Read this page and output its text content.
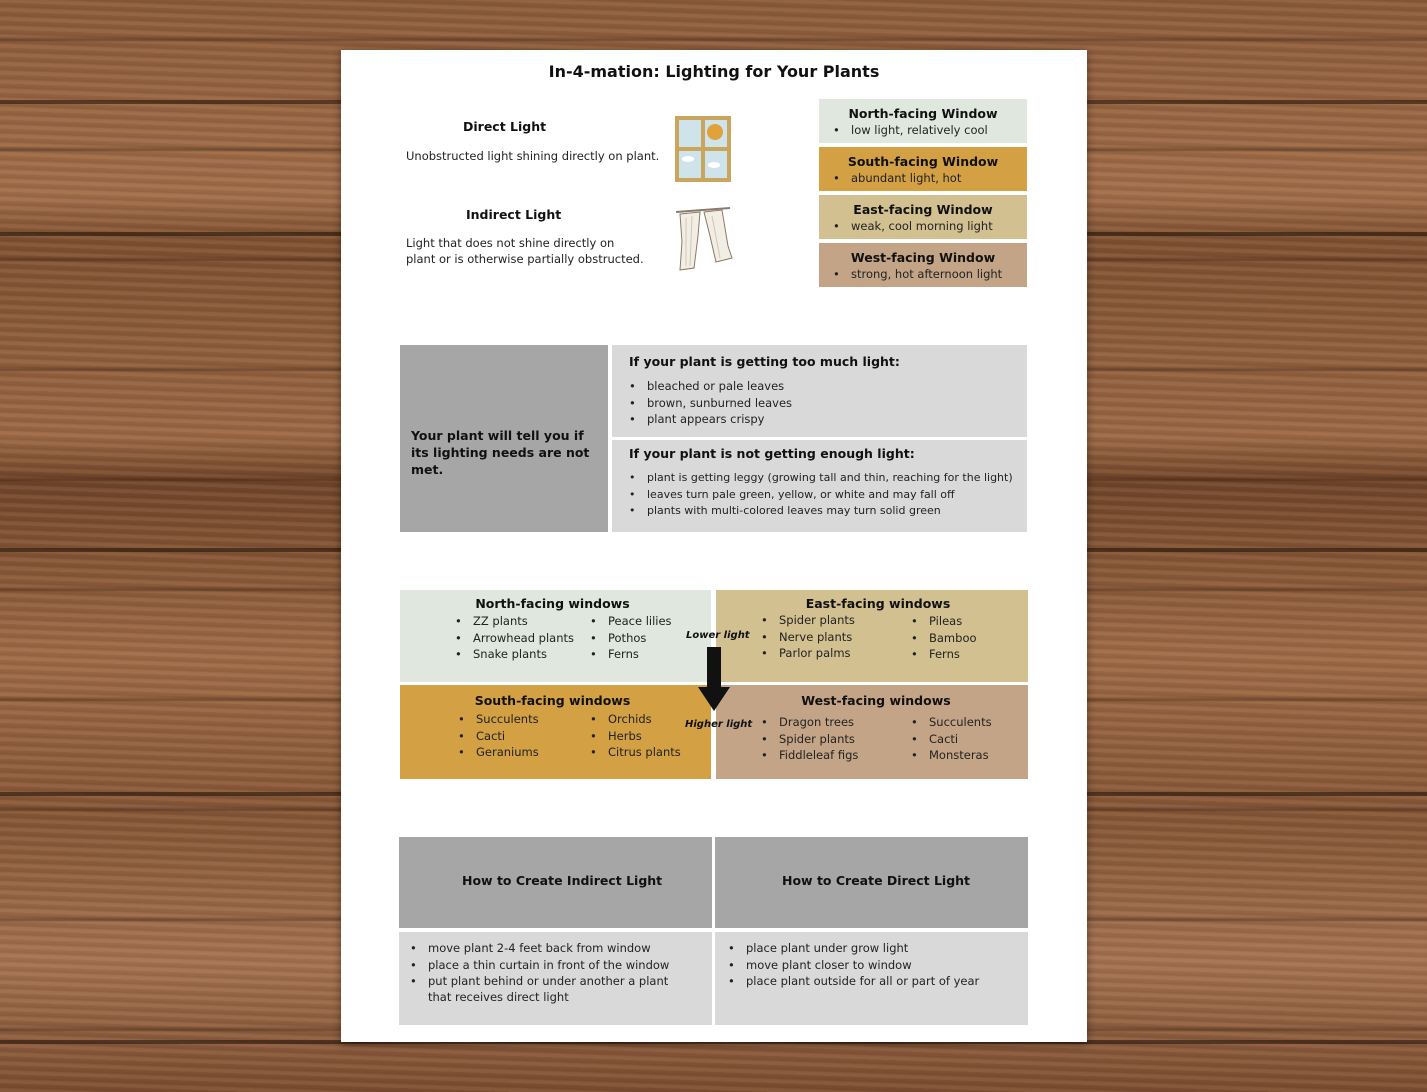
In-4-mation: Lighting for Your Plants
Direct Light
Unobstructed light shining directly on plant.
Indirect Light
Light that does not shine directly on
plant or is otherwise partially obstructed.
North-facing Window
• low light, relatively cool
South-facing Window
• abundant light, hot
East-facing Window
• weak, cool morning light
West-facing Window
• strong, hot afternoon light
Your plant will tell you if its lighting needs are not met.
If your plant is getting too much light:
• bleached or pale leaves
• brown, sunburned leaves
• plant appears crispy
If your plant is not getting enough light:
• plant is getting leggy (growing tall and thin, reaching for the light)
• leaves turn pale green, yellow, or white and may fall off
• plants with multi-colored leaves may turn solid green
North-facing windows
• ZZ plants
• Arrowhead plants
• Snake plants
• Peace lilies
• Pothos
• Ferns
East-facing windows
• Spider plants
• Nerve plants
• Parlor palms
• Pileas
• Bamboo
• Ferns
South-facing windows
• Succulents
• Cacti
• Geraniums
• Orchids
• Herbs
• Citrus plants
West-facing windows
• Dragon trees
• Spider plants
• Fiddleleaf figs
• Succulents
• Cacti
• Monsteras
Lower light
Higher light
How to Create Indirect Light	How to Create Direct Light
• move plant 2-4 feet back from window
• place a thin curtain in front of the window
• put plant behind or under another a plant
that receives direct light
• place plant under grow light
• move plant closer to window
• place plant outside for all or part of year
